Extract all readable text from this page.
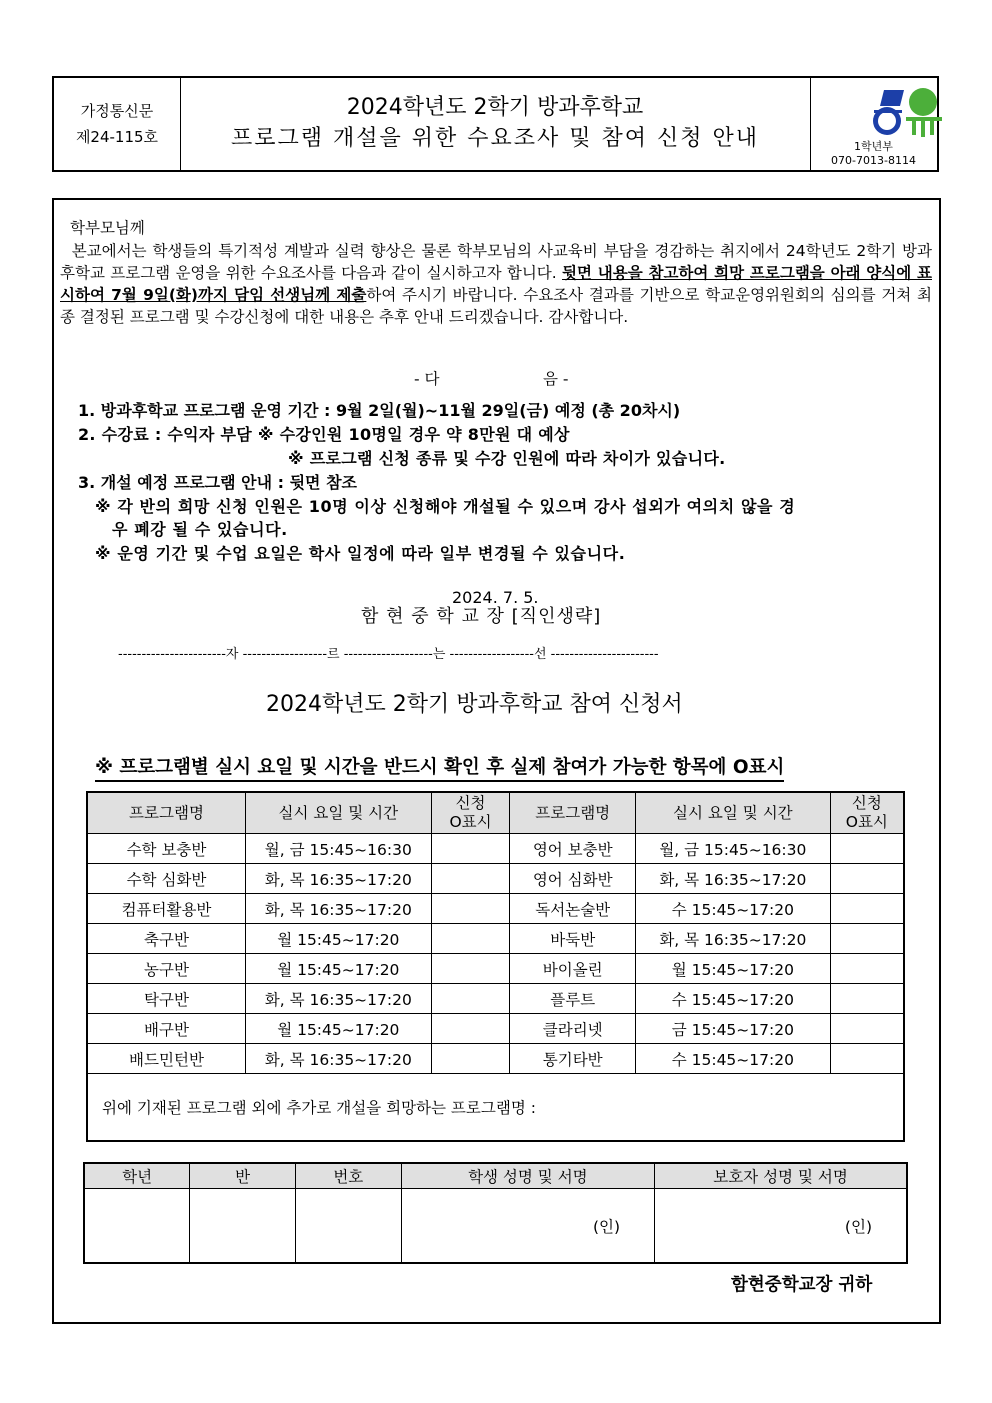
가정통신문
제24-115호
2024학년도 2학기 방과후학교
프로그램 개설을 위한 수요조사 및 참여 신청 안내	1학년부
070-7013-8114
학부모님께
본교에서는 학생들의 특기적성 계발과 실력 향상은 물론 학부모님의 사교육비 부담을 경감하는 취지에서 24학년도 2학기 방과후학교 프로그램 운영을 위한 수요조사를 다음과 같이 실시하고자 합니다. 뒷면 내용을 참고하여 희망 프로그램을 아래 양식에 표시하여 7월 9일(화)까지 담임 선생님께 제출하여 주시기 바랍니다. 수요조사 결과를 기반으로 학교운영위원회의 심의를 거쳐 최종 결정된 프로그램 및 수강신청에 대한 내용은 추후 안내 드리겠습니다. 감사합니다.
- 다	음 -
1. 방과후학교 프로그램 운영 기간 : 9월 2일(월)~11월 29일(금) 예정 (총 20차시)
2. 수강료 : 수익자 부담 ※ 수강인원 10명일 경우 약 8만원 대 예상
※ 프로그램 신청 종류 및 수강 인원에 따라 차이가 있습니다.
3. 개설 예정 프로그램 안내 : 뒷면 참조
※ 각 반의 희망 신청 인원은 10명 이상 신청해야 개설될 수 있으며 강사 섭외가 여의치 않을 경
우 폐강 될 수 있습니다.
※ 운영 기간 및 수업 요일은 학사 일정에 따라 일부 변경될 수 있습니다.
2024. 7. 5.
함 현 중 학 교 장 [직인생략]
-----------------------자 ------------------르 -------------------는 ------------------선 -----------------------
2024학년도 2학기 방과후학교 참여 신청서
※ 프로그램별 실시 요일 및 시간을 반드시 확인 후 실제 참여가 가능한 항목에 O표시
프로그램명	실시 요일 및 시간	신청
O표시	프로그램명	실시 요일 및 시간	신청
O표시
수학 보충반	월, 금 15:45~16:30		영어 보충반	월, 금 15:45~16:30	
수학 심화반	화, 목 16:35~17:20		영어 심화반	화, 목 16:35~17:20	
컴퓨터활용반	화, 목 16:35~17:20		독서논술반	수 15:45~17:20	
축구반	월 15:45~17:20		바둑반	화, 목 16:35~17:20	
농구반	월 15:45~17:20		바이올린	월 15:45~17:20	
탁구반	화, 목 16:35~17:20		플루트	수 15:45~17:20	
배구반	월 15:45~17:20		클라리넷	금 15:45~17:20	
배드민턴반	화, 목 16:35~17:20		통기타반	수 15:45~17:20	
위에 기재된 프로그램 외에 추가로 개설을 희망하는 프로그램명 :					
학년	반	번호	학생 성명 및 서명	보호자 성명 및 서명
			(인)	(인)
함현중학교장 귀하
